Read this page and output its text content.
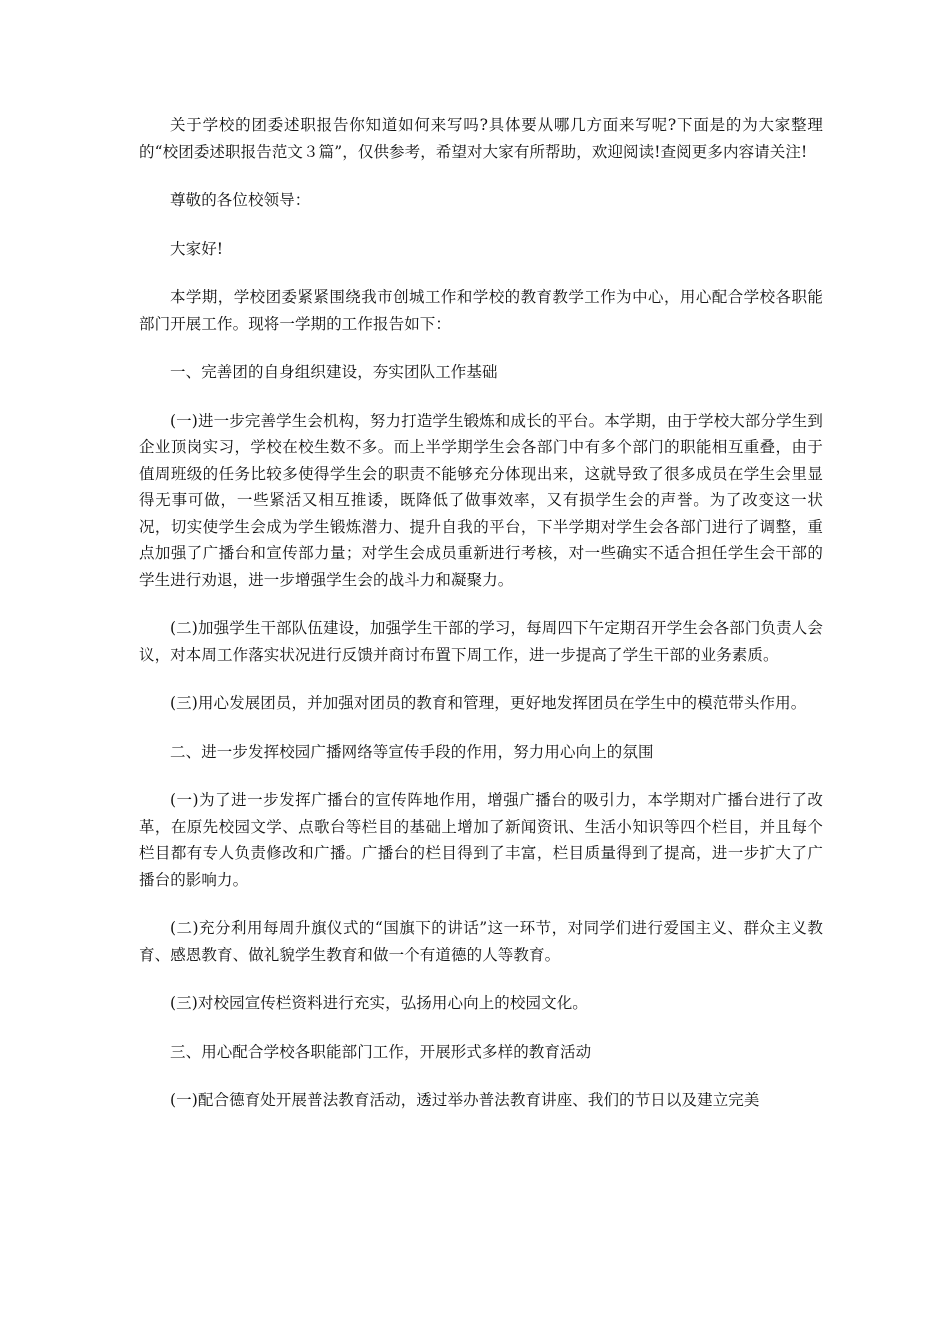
关于学校的团委述职报告你知道如何来写吗?具体要从哪几方面来写呢?下面是的为大家整理的“校团委述职报告范文３篇”，仅供参考，希望对大家有所帮助，欢迎阅读!查阅更多内容请关注!

尊敬的各位校领导：

大家好!

本学期，学校团委紧紧围绕我市创城工作和学校的教育教学工作为中心，用心配合学校各职能部门开展工作。现将一学期的工作报告如下：

一、完善团的自身组织建设，夯实团队工作基础

(一)进一步完善学生会机构，努力打造学生锻炼和成长的平台。本学期，由于学校大部分学生到企业顶岗实习，学校在校生数不多。而上半学期学生会各部门中有多个部门的职能相互重叠，由于值周班级的任务比较多使得学生会的职责不能够充分体现出来，这就导致了很多成员在学生会里显得无事可做，一些紧活又相互推诿，既降低了做事效率，又有损学生会的声誉。为了改变这一状况，切实使学生会成为学生锻炼潜力、提升自我的平台，下半学期对学生会各部门进行了调整，重点加强了广播台和宣传部力量；对学生会成员重新进行考核，对一些确实不适合担任学生会干部的学生进行劝退，进一步增强学生会的战斗力和凝聚力。

(二)加强学生干部队伍建设，加强学生干部的学习，每周四下午定期召开学生会各部门负责人会议，对本周工作落实状况进行反馈并商讨布置下周工作，进一步提高了学生干部的业务素质。

(三)用心发展团员，并加强对团员的教育和管理，更好地发挥团员在学生中的模范带头作用。

二、进一步发挥校园广播网络等宣传手段的作用，努力用心向上的氛围

(一)为了进一步发挥广播台的宣传阵地作用，增强广播台的吸引力，本学期对广播台进行了改革，在原先校园文学、点歌台等栏目的基础上增加了新闻资讯、生活小知识等四个栏目，并且每个栏目都有专人负责修改和广播。广播台的栏目得到了丰富，栏目质量得到了提高，进一步扩大了广播台的影响力。

(二)充分利用每周升旗仪式的“国旗下的讲话”这一环节，对同学们进行爱国主义、群众主义教育、感恩教育、做礼貌学生教育和做一个有道德的人等教育。

(三)对校园宣传栏资料进行充实，弘扬用心向上的校园文化。

三、用心配合学校各职能部门工作，开展形式多样的教育活动

(一)配合德育处开展普法教育活动，透过举办普法教育讲座、我们的节日以及建立完美
